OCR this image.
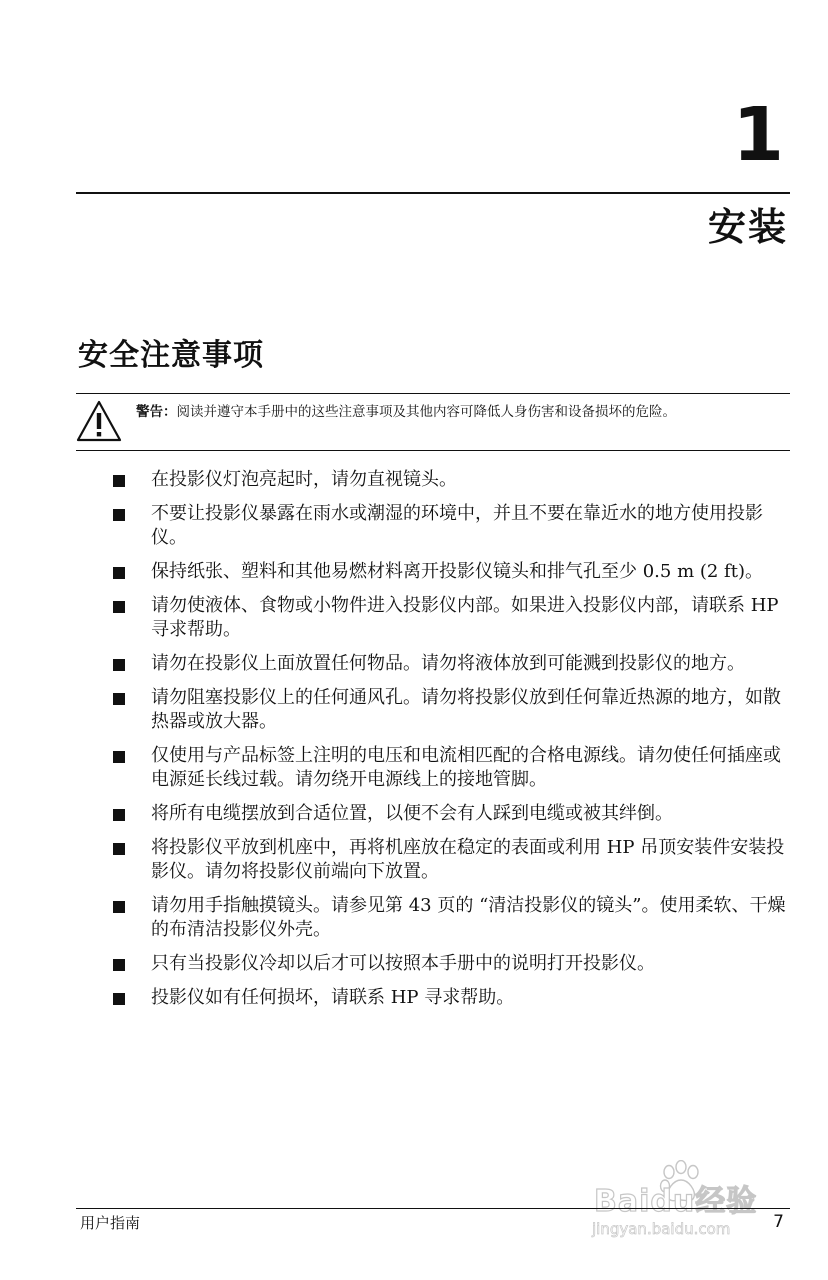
1
安装
安全注意事项

警告：阅读并遵守本手册中的这些注意事项及其他内容可降低人身伤害和设备损坏的危险。

在投影仪灯泡亮起时，请勿直视镜头。
不要让投影仪暴露在雨水或潮湿的环境中，并且不要在靠近水的地方使用投影仪。
保持纸张、塑料和其他易燃材料离开投影仪镜头和排气孔至少 0.5 m (2 ft)。
请勿使液体、食物或小物件进入投影仪内部。如果进入投影仪内部，请联系 HP 寻求帮助。
请勿在投影仪上面放置任何物品。请勿将液体放到可能溅到投影仪的地方。
请勿阻塞投影仪上的任何通风孔。请勿将投影仪放到任何靠近热源的地方，如散热器或放大器。
仅使用与产品标签上注明的电压和电流相匹配的合格电源线。请勿使任何插座或电源延长线过载。请勿绕开电源线上的接地管脚。
将所有电缆摆放到合适位置，以便不会有人踩到电缆或被其绊倒。
将投影仪平放到机座中，再将机座放在稳定的表面或利用 HP 吊顶安装件安装投影仪。请勿将投影仪前端向下放置。
请勿用手指触摸镜头。请参见第 43 页的 “清洁投影仪的镜头”。使用柔软、干燥的布清洁投影仪外壳。
只有当投影仪冷却以后才可以按照本手册中的说明打开投影仪。
投影仪如有任何损坏，请联系 HP 寻求帮助。
Baidu经验
jingyan.baidu.com
用户指南	7
